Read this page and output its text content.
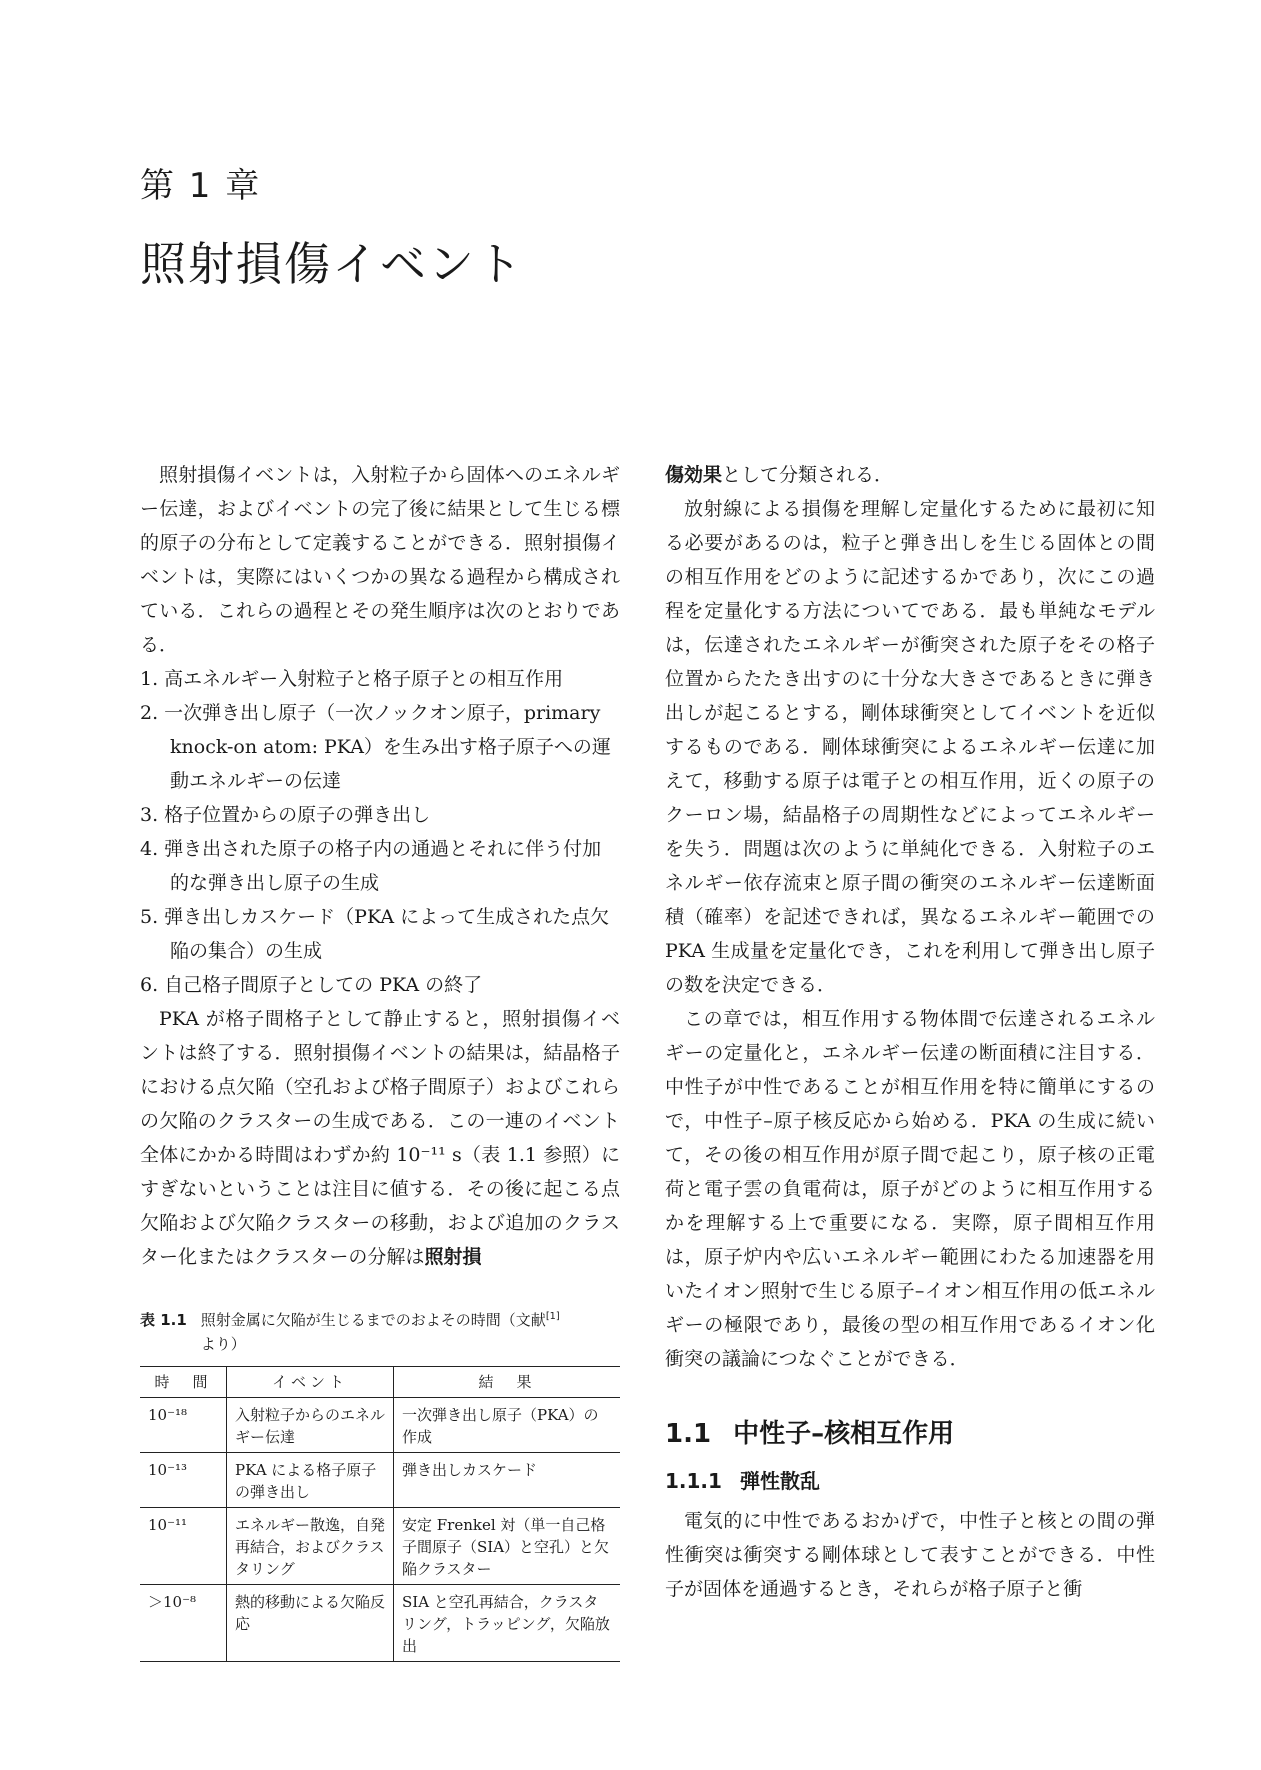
第 1 章
照射損傷イベント

照射損傷イベントは，入射粒子から固体へのエネルギー伝達，およびイベントの完了後に結果として生じる標的原子の分布として定義することができる．照射損傷イベントは，実際にはいくつかの異なる過程から構成されている．これらの過程とその発生順序は次のとおりである．

1. 高エネルギー入射粒子と格子原子との相互作用
2. 一次弾き出し原子（一次ノックオン原子，primary knock-on atom: PKA）を生み出す格子原子への運動エネルギーの伝達
3. 格子位置からの原子の弾き出し
4. 弾き出された原子の格子内の通過とそれに伴う付加的な弾き出し原子の生成
5. 弾き出しカスケード（PKA によって生成された点欠陥の集合）の生成
6. 自己格子間原子としての PKA の終了

PKA が格子間格子として静止すると，照射損傷イベントは終了する．照射損傷イベントの結果は，結晶格子における点欠陥（空孔および格子間原子）およびこれらの欠陥のクラスターの生成である．この一連のイベント全体にかかる時間はわずか約 10⁻¹¹ s（表 1.1 参照）にすぎないということは注目に値する．その後に起こる点欠陥および欠陥クラスターの移動，および追加のクラスター化またはクラスターの分解は照射損

表 1.1 照射金属に欠陥が生じるまでのおよその時間（文献[1]
より）
時　間	イベント	結　果
10⁻¹⁸	入射粒子からのエネルギー伝達	一次弾き出し原子（PKA）の作成
10⁻¹³	PKA による格子原子の弾き出し	弾き出しカスケード
10⁻¹¹	エネルギー散逸，自発再結合，およびクラスタリング	安定 Frenkel 対（単一自己格子間原子（SIA）と空孔）と欠陥クラスター
＞10⁻⁸	熱的移動による欠陥反応	SIA と空孔再結合，クラスタリング，トラッピング，欠陥放出

傷効果として分類される．

放射線による損傷を理解し定量化するために最初に知る必要があるのは，粒子と弾き出しを生じる固体との間の相互作用をどのように記述するかであり，次にこの過程を定量化する方法についてである．最も単純なモデルは，伝達されたエネルギーが衝突された原子をその格子位置からたたき出すのに十分な大きさであるときに弾き出しが起こるとする，剛体球衝突としてイベントを近似するものである．剛体球衝突によるエネルギー伝達に加えて，移動する原子は電子との相互作用，近くの原子のクーロン場，結晶格子の周期性などによってエネルギーを失う．問題は次のように単純化できる．入射粒子のエネルギー依存流束と原子間の衝突のエネルギー伝達断面積（確率）を記述できれば，異なるエネルギー範囲での PKA 生成量を定量化でき，これを利用して弾き出し原子の数を決定できる．

この章では，相互作用する物体間で伝達されるエネルギーの定量化と，エネルギー伝達の断面積に注目する．中性子が中性であることが相互作用を特に簡単にするので，中性子–原子核反応から始める．PKA の生成に続いて，その後の相互作用が原子間で起こり，原子核の正電荷と電子雲の負電荷は，原子がどのように相互作用するかを理解する上で重要になる．実際，原子間相互作用は，原子炉内や広いエネルギー範囲にわたる加速器を用いたイオン照射で生じる原子–イオン相互作用の低エネルギーの極限であり，最後の型の相互作用であるイオン化衝突の議論につなぐことができる．

1.1 中性子–核相互作用
1.1.1 弾性散乱

電気的に中性であるおかげで，中性子と核との間の弾性衝突は衝突する剛体球として表すことができる．中性子が固体を通過するとき，それらが格子原子と衝
